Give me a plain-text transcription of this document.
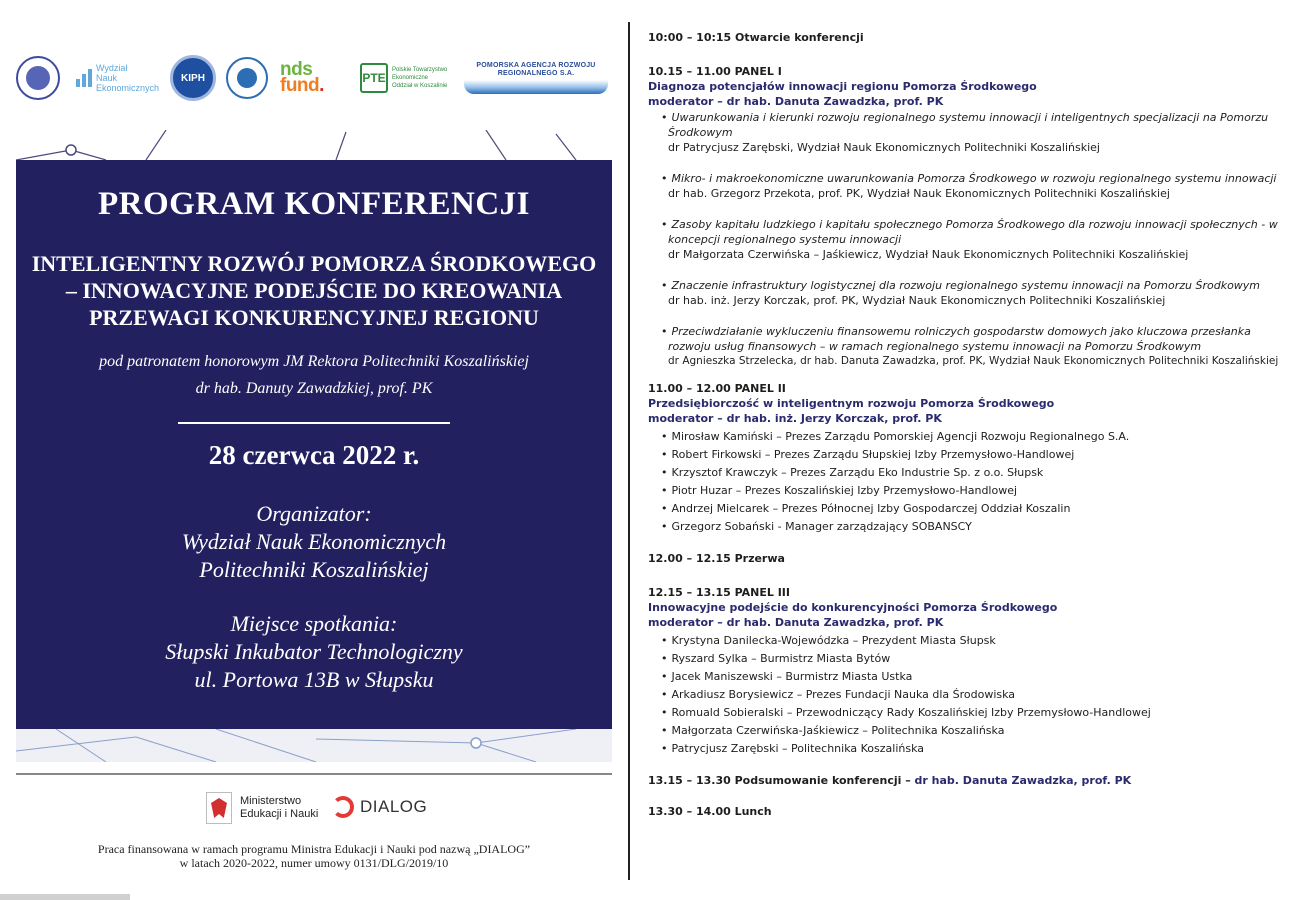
Wydział
Nauk
Ekonomicznych
KIPH	nds
fund.	PTE
Polskie Towarzystwo Ekonomiczne Oddział w Koszalinie
POMORSKA AGENCJA ROZWOJU REGIONALNEGO S.A.
PROGRAM KONFERENCJI
INTELIGENTNY ROZWÓJ POMORZA ŚRODKOWEGO
– INNOWACYJNE PODEJŚCIE DO KREOWANIA
PRZEWAGI KONKURENCYJNEJ REGIONU
pod patronatem honorowym JM Rektora Politechniki Koszalińskiej
dr hab. Danuty Zawadzkiej, prof. PK
28 czerwca 2022 r.
Organizator:
Wydział Nauk Ekonomicznych
Politechniki Koszalińskiej
Miejsce spotkania:
Słupski Inkubator Technologiczny
ul. Portowa 13B w Słupsku
Ministerstwo
Edukacji i Nauki DIALOG
Praca finansowana w ramach programu Ministra Edukacji i Nauki pod nazwą „DIALOG”
w latach 2020-2022, numer umowy 0131/DLG/2019/10
10:00 – 10:15 Otwarcie konferencji
10.15 – 11.00 PANEL I
Diagnoza potencjałów innowacji regionu Pomorza Środkowego
moderator – dr hab. Danuta Zawadzka, prof. PK
• Uwarunkowania i kierunki rozwoju regionalnego systemu innowacji i inteligentnych specjalizacji na Pomorzu Środkowym
dr Patrycjusz Zarębski, Wydział Nauk Ekonomicznych Politechniki Koszalińskiej
• Mikro- i makroekonomiczne uwarunkowania Pomorza Środkowego w rozwoju regionalnego systemu innowacji
dr hab. Grzegorz Przekota, prof. PK, Wydział Nauk Ekonomicznych Politechniki Koszalińskiej
• Zasoby kapitału ludzkiego i kapitału społecznego Pomorza Środkowego dla rozwoju innowacji społecznych - w koncepcji regionalnego systemu innowacji
dr Małgorzata Czerwińska – Jaśkiewicz, Wydział Nauk Ekonomicznych Politechniki Koszalińskiej
• Znaczenie infrastruktury logistycznej dla rozwoju regionalnego systemu innowacji na Pomorzu Środkowym
dr hab. inż. Jerzy Korczak, prof. PK, Wydział Nauk Ekonomicznych Politechniki Koszalińskiej
• Przeciwdziałanie wykluczeniu finansowemu rolniczych gospodarstw domowych jako kluczowa przesłanka rozwoju usług finansowych – w ramach regionalnego systemu innowacji na Pomorzu Środkowym
dr Agnieszka Strzelecka, dr hab. Danuta Zawadzka, prof. PK, Wydział Nauk Ekonomicznych Politechniki Koszalińskiej
11.00 – 12.00 PANEL II
Przedsiębiorczość w inteligentnym rozwoju Pomorza Środkowego
moderator – dr hab. inż. Jerzy Korczak, prof. PK
• Mirosław Kamiński – Prezes Zarządu Pomorskiej Agencji Rozwoju Regionalnego S.A.
• Robert Firkowski – Prezes Zarządu Słupskiej Izby Przemysłowo-Handlowej
• Krzysztof Krawczyk – Prezes Zarządu Eko Industrie Sp. z o.o. Słupsk
• Piotr Huzar – Prezes Koszalińskiej Izby Przemysłowo-Handlowej
• Andrzej Mielcarek – Prezes Północnej Izby Gospodarczej Oddział Koszalin
• Grzegorz Sobański - Manager zarządzający SOBANSCY
12.00 – 12.15 Przerwa
12.15 – 13.15 PANEL III
Innowacyjne podejście do konkurencyjności Pomorza Środkowego
moderator – dr hab. Danuta Zawadzka, prof. PK
• Krystyna Danilecka-Wojewódzka – Prezydent Miasta Słupsk
• Ryszard Sylka – Burmistrz Miasta Bytów
• Jacek Maniszewski – Burmistrz Miasta Ustka
• Arkadiusz Borysiewicz – Prezes Fundacji Nauka dla Środowiska
• Romuald Sobieralski – Przewodniczący Rady Koszalińskiej Izby Przemysłowo-Handlowej
• Małgorzata Czerwińska-Jaśkiewicz – Politechnika Koszalińska
• Patrycjusz Zarębski – Politechnika Koszalińska
13.15 – 13.30 Podsumowanie konferencji – dr hab. Danuta Zawadzka, prof. PK
13.30 – 14.00 Lunch
